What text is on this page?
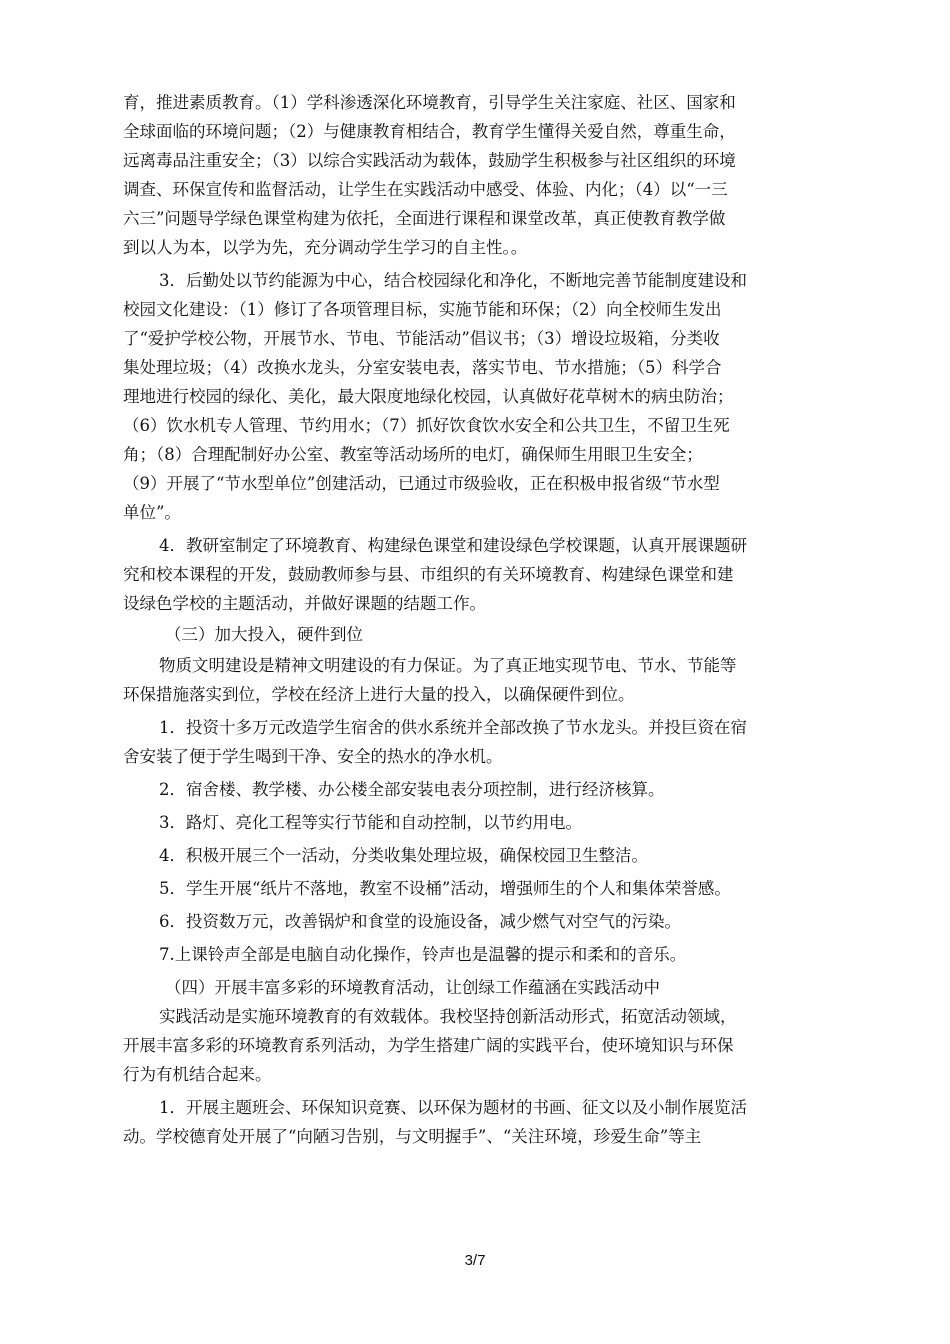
育，推进素质教育。（1）学科渗透深化环境教育，引导学生关注家庭、社区、国家和
全球面临的环境问题；（2）与健康教育相结合，教育学生懂得关爱自然，尊重生命，
远离毒品注重安全；（3）以综合实践活动为载体，鼓励学生积极参与社区组织的环境
调查、环保宣传和监督活动，让学生在实践活动中感受、体验、内化；（4）以“一三
六三”问题导学绿色课堂构建为依托，全面进行课程和课堂改革，真正使教育教学做
到以人为本，以学为先，充分调动学生学习的自主性。。
3．后勤处以节约能源为中心，结合校园绿化和净化，不断地完善节能制度建设和
校园文化建设：（1）修订了各项管理目标，实施节能和环保；（2）向全校师生发出
了“爱护学校公物，开展节水、节电、节能活动”倡议书；（3）增设垃圾箱，分类收
集处理垃圾；（4）改换水龙头，分室安装电表，落实节电、节水措施；（5）科学合
理地进行校园的绿化、美化，最大限度地绿化校园，认真做好花草树木的病虫防治；
（6）饮水机专人管理、节约用水；（7）抓好饮食饮水安全和公共卫生，不留卫生死
角；（8）合理配制好办公室、教室等活动场所的电灯，确保师生用眼卫生安全；
（9）开展了“节水型单位”创建活动，已通过市级验收，正在积极申报省级“节水型
单位”。
4．教研室制定了环境教育、构建绿色课堂和建设绿色学校课题，认真开展课题研
究和校本课程的开发，鼓励教师参与县、市组织的有关环境教育、构建绿色课堂和建
设绿色学校的主题活动，并做好课题的结题工作。
（三）加大投入，硬件到位
物质文明建设是精神文明建设的有力保证。为了真正地实现节电、节水、节能等
环保措施落实到位，学校在经济上进行大量的投入，以确保硬件到位。
1．投资十多万元改造学生宿舍的供水系统并全部改换了节水龙头。并投巨资在宿
舍安装了便于学生喝到干净、安全的热水的净水机。
2．宿舍楼、教学楼、办公楼全部安装电表分项控制，进行经济核算。
3．路灯、亮化工程等实行节能和自动控制，以节约用电。
4．积极开展三个一活动，分类收集处理垃圾，确保校园卫生整洁。
5．学生开展“纸片不落地，教室不设桶”活动，增强师生的个人和集体荣誉感。
6．投资数万元，改善锅炉和食堂的设施设备，减少燃气对空气的污染。
7.上课铃声全部是电脑自动化操作，铃声也是温馨的提示和柔和的音乐。
（四）开展丰富多彩的环境教育活动，让创绿工作蕴涵在实践活动中
实践活动是实施环境教育的有效载体。我校坚持创新活动形式，拓宽活动领域，
开展丰富多彩的环境教育系列活动，为学生搭建广阔的实践平台，使环境知识与环保
行为有机结合起来。
1．开展主题班会、环保知识竞赛、以环保为题材的书画、征文以及小制作展览活
动。学校德育处开展了“向陋习告别，与文明握手”、“关注环境，珍爱生命”等主
3/7
